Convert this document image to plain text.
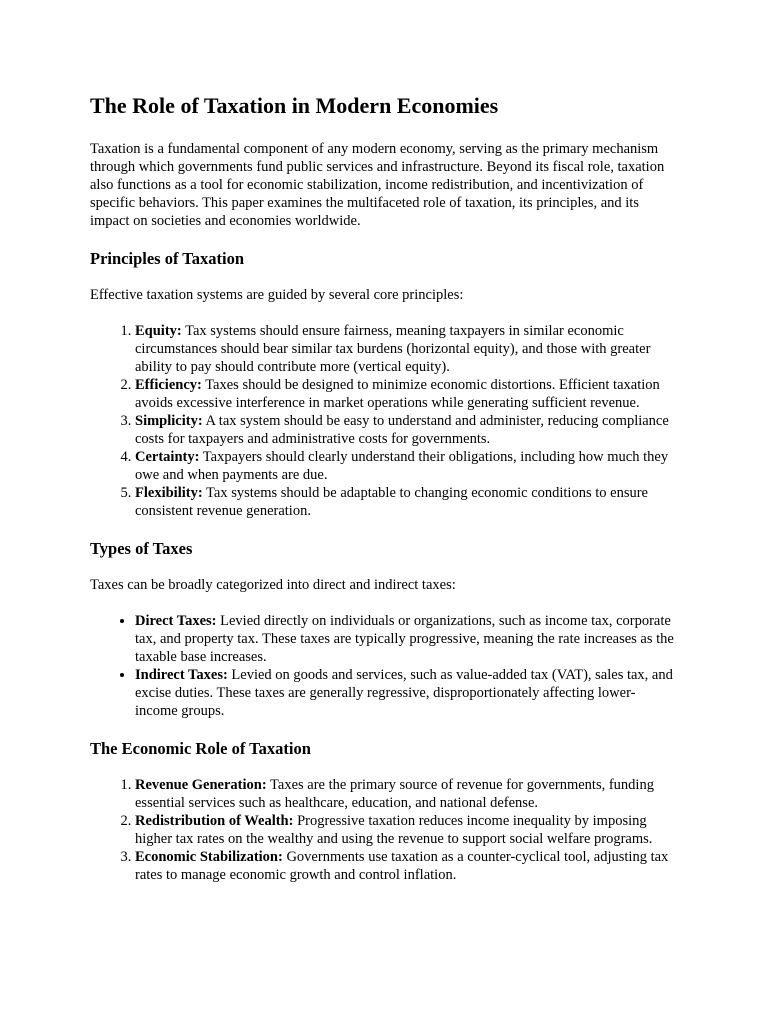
The Role of Taxation in Modern Economies

Taxation is a fundamental component of any modern economy, serving as the primary mechanism through which governments fund public services and infrastructure. Beyond its fiscal role, taxation also functions as a tool for economic stabilization, income redistribution, and incentivization of specific behaviors. This paper examines the multifaceted role of taxation, its principles, and its impact on societies and economies worldwide.

Principles of Taxation

Effective taxation systems are guided by several core principles:

1. Equity: Tax systems should ensure fairness, meaning taxpayers in similar economic circumstances should bear similar tax burdens (horizontal equity), and those with greater ability to pay should contribute more (vertical equity).
2. Efficiency: Taxes should be designed to minimize economic distortions. Efficient taxation avoids excessive interference in market operations while generating sufficient revenue.
3. Simplicity: A tax system should be easy to understand and administer, reducing compliance costs for taxpayers and administrative costs for governments.
4. Certainty: Taxpayers should clearly understand their obligations, including how much they owe and when payments are due.
5. Flexibility: Tax systems should be adaptable to changing economic conditions to ensure consistent revenue generation.
Types of Taxes

Taxes can be broadly categorized into direct and indirect taxes:

• Direct Taxes: Levied directly on individuals or organizations, such as income tax, corporate tax, and property tax. These taxes are typically progressive, meaning the rate increases as the taxable base increases.
• Indirect Taxes: Levied on goods and services, such as value-added tax (VAT), sales tax, and excise duties. These taxes are generally regressive, disproportionately affecting lower-income groups.
The Economic Role of Taxation
1. Revenue Generation: Taxes are the primary source of revenue for governments, funding essential services such as healthcare, education, and national defense.
2. Redistribution of Wealth: Progressive taxation reduces income inequality by imposing higher tax rates on the wealthy and using the revenue to support social welfare programs.
3. Economic Stabilization: Governments use taxation as a counter-cyclical tool, adjusting tax rates to manage economic growth and control inflation.
